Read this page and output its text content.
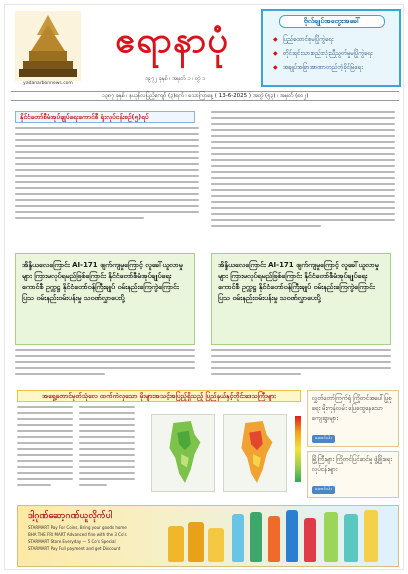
yadanarbonnews.com
ဧရာနာပုံ
၁၉၇၂ ခုနှစ် ၊ အမှတ် ၁ ၊ တွဲ ၁
ဗိုလ်ချုပ်အတွေးအခေါ်
◆ ပြည်ထောင်စုမပြိုကွဲရေး
◆ တိုင်းရင်းသားစည်းလုံးညီညွတ်မှုမပြိုကွဲရေး
◆ အချုပ်အခြာအာဏာတည်တံ့ခိုင်မြဲရေး
၁၃၈၇ ခုနှစ် ၊ နယုန်လပြည့်ကျော် (၃)ရက် ၊ သောကြာနေ့ ( 13-6-2025 ) အတွဲ (၅၃) ၊ အမှတ် (၈၀၂)
နိုင်ငံတော်စီမံအုပ်ချုပ်ရေးကောင်စီ ရုံးလုပ်ငန်းစဉ်(၅)ရပ်
အိန္ဒိယလေကြောင်း AI-171 ဖျက်ကျမှုကြောင့် လူခေါ်ယူလာမှုများ ကြားမလုပ်ရမည်ဖြစ်ကြောင်း နိုင်ငံတော်စီမံအုပ်ချုပ်ရေးကောင်စီ ဥက္ကဋ္ဌ နိုင်ငံတော်ဝန်ကြီးချုပ် ဝမ်းနည်းကြေကွဲကြောင်းပြသ ဝမ်းနည်းဝမ်းပန်းမှု သဝဏ်လွှာပေးပို့
အိန္ဒိယလေကြောင်း AI-171 ဖျက်ကျမှုကြောင့် လူခေါ်ယူလာမှုများ ကြားမလုပ်ရမည်ဖြစ်ကြောင်း နိုင်ငံတော်စီမံအုပ်ချုပ်ရေးကောင်စီ ဥက္ကဋ္ဌ နိုင်ငံတော်ဝန်ကြီးချုပ် ဝမ်းနည်းကြေကွဲကြောင်းပြသ ဝမ်းနည်းဝမ်းပန်းမှု သဝဏ်လွှာပေးပို့
အရှေ့တောင်မုတ်သုံလေ ထက်ကဲလှသော မိုးများအသင့်အပြည့်ရှိသည့် ပြည်နယ်နှင့်တိုင်းဒေသကြီးများ	လွှတ်တော်ကြက်ရုံ ကြိုတင်အပေါ်ပြုစုရေး မိုးကုန်လမ်း ပြေထွေနေသော ကျေးရွာများ
ဆောင်းပါး
မြို့ကြီးများ ကြိုတင်ပြင်ဆင်မှု ဖွံ့ဖြိုးရေးလုပ်ငန်းများ
ဆောင်းပါး
ဒါ့ဂုဏ်ဆော့ဂဏ်ယူလိုက်ပါ
STARMART Pay For Coins, Bring your goods home
BHA THE FRI MART Advanced fine with the 3 Co's
STARMART Store Everyday — 5 Co's Special
STARMART Pay Full payment and get Discount
